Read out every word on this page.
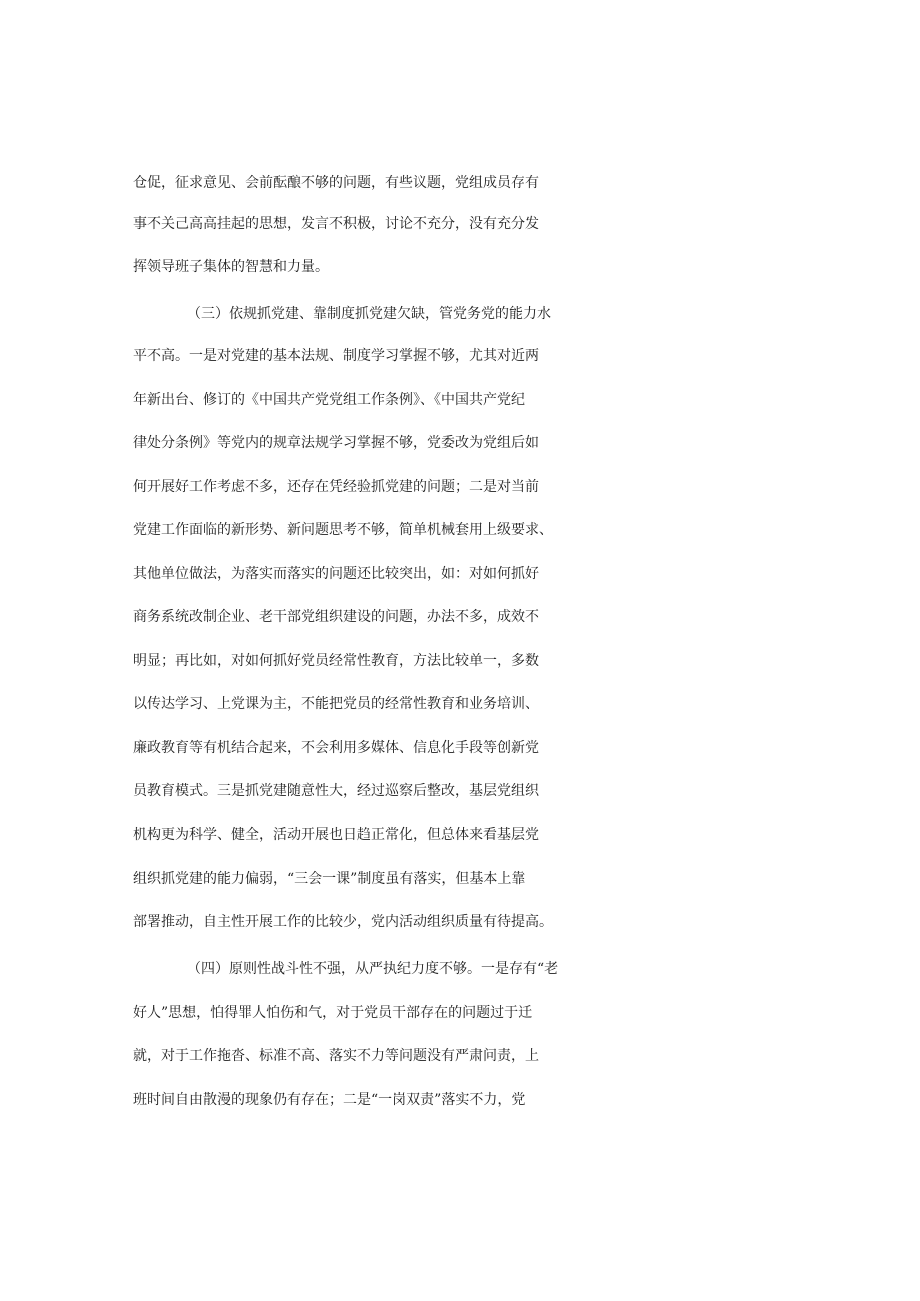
仓促，征求意见、会前酝酿不够的问题，有些议题，党组成员存有
事不关己高高挂起的思想，发言不积极，讨论不充分，没有充分发
挥领导班子集体的智慧和力量。
（三）依规抓党建、靠制度抓党建欠缺，管党务党的能力水
平不高。一是对党建的基本法规、制度学习掌握不够，尤其对近两
年新出台、修订的《中国共产党党组工作条例》、《中国共产党纪
律处分条例》等党内的规章法规学习掌握不够，党委改为党组后如
何开展好工作考虑不多，还存在凭经验抓党建的问题；二是对当前
党建工作面临的新形势、新问题思考不够，简单机械套用上级要求、
其他单位做法，为落实而落实的问题还比较突出，如：对如何抓好
商务系统改制企业、老干部党组织建设的问题，办法不多，成效不
明显；再比如，对如何抓好党员经常性教育，方法比较单一，多数
以传达学习、上党课为主，不能把党员的经常性教育和业务培训、
廉政教育等有机结合起来，不会利用多媒体、信息化手段等创新党
员教育模式。三是抓党建随意性大，经过巡察后整改，基层党组织
机构更为科学、健全，活动开展也日趋正常化，但总体来看基层党
组织抓党建的能力偏弱，“三会一课”制度虽有落实，但基本上靠
部署推动，自主性开展工作的比较少，党内活动组织质量有待提高。
（四）原则性战斗性不强，从严执纪力度不够。一是存有“老
好人”思想，怕得罪人怕伤和气，对于党员干部存在的问题过于迁
就，对于工作拖沓、标准不高、落实不力等问题没有严肃问责，上
班时间自由散漫的现象仍有存在；二是“一岗双责”落实不力，党
